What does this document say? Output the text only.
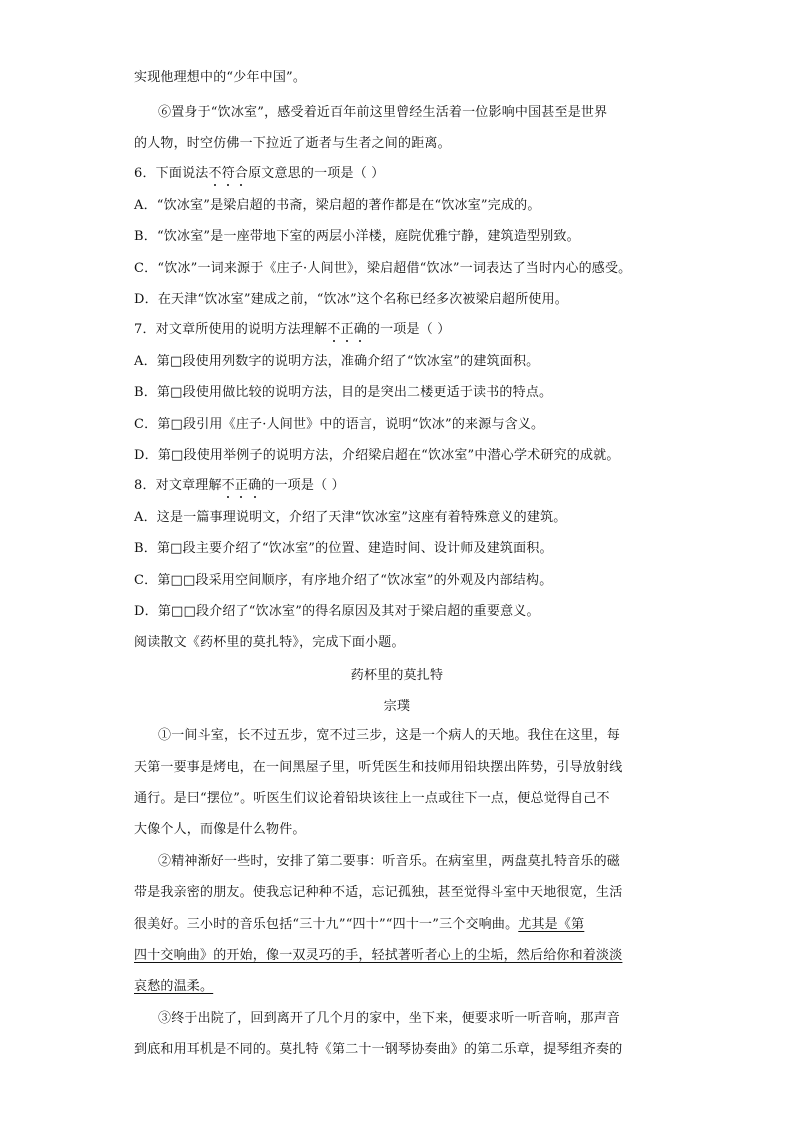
实现他理想中的“少年中国”。
⑥置身于“饮冰室”，感受着近百年前这里曾经生活着一位影响中国甚至是世界
的人物，时空仿佛一下拉近了逝者与生者之间的距离。
6．下面说法不符合原文意思的一项是（ ）
A．“饮冰室”是梁启超的书斋，梁启超的著作都是在“饮冰室”完成的。
B．“饮冰室”是一座带地下室的两层小洋楼，庭院优雅宁静，建筑造型别致。
C．“饮冰”一词来源于《庄子·人间世》，梁启超借“饮冰”一词表达了当时内心的感受。
D．在天津“饮冰室”建成之前，“饮冰”这个名称已经多次被梁启超所使用。
7．对文章所使用的说明方法理解不正确的一项是（ ）
A．第□段使用列数字的说明方法，准确介绍了“饮冰室”的建筑面积。
B．第□段使用做比较的说明方法，目的是突出二楼更适于读书的特点。
C．第□段引用《庄子·人间世》中的语言，说明“饮冰”的来源与含义。
D．第□段使用举例子的说明方法，介绍梁启超在“饮冰室”中潜心学术研究的成就。
8．对文章理解不正确的一项是（ ）
A．这是一篇事理说明文，介绍了天津“饮冰室”这座有着特殊意义的建筑。
B．第□段主要介绍了“饮冰室”的位置、建造时间、设计师及建筑面积。
C．第□□段采用空间顺序，有序地介绍了“饮冰室”的外观及内部结构。
D．第□□段介绍了“饮冰室”的得名原因及其对于梁启超的重要意义。
阅读散文《药杯里的莫扎特》，完成下面小题。
药杯里的莫扎特
宗璞
①一间斗室，长不过五步，宽不过三步，这是一个病人的天地。我住在这里，每
天第一要事是烤电，在一间黑屋子里，听凭医生和技师用铅块摆出阵势，引导放射线
通行。是曰“摆位”。听医生们议论着铅块该往上一点或往下一点，便总觉得自己不
大像个人，而像是什么物件。
②精神渐好一些时，安排了第二要事：听音乐。在病室里，两盘莫扎特音乐的磁
带是我亲密的朋友。使我忘记种种不适，忘记孤独，甚至觉得斗室中天地很宽，生活
很美好。三小时的音乐包括“三十九”“四十”“四十一”三个交响曲。尤其是《第
四十交响曲》的开始，像一双灵巧的手，轻拭著听者心上的尘垢，然后给你和着淡淡
哀愁的温柔。
③终于出院了，回到离开了几个月的家中，坐下来，便要求听一听音响，那声音
到底和用耳机是不同的。莫扎特《第二十一钢琴协奏曲》的第二乐章，提琴组齐奏的
